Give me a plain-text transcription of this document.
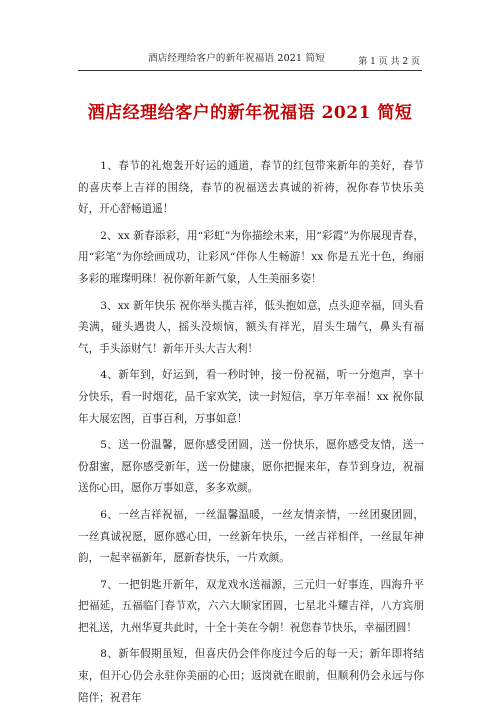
酒店经理给客户的新年祝福语 2021 简短	第 1 页 共 2 页
酒店经理给客户的新年祝福语 2021 简短

1、春节的礼炮轰开好运的通道，春节的红包带来新年的美好，春节的喜庆奉上吉祥的围绕，春节的祝福送去真诚的祈祷，祝你春节快乐美好，开心舒畅逍遥！

2、xx 新春添彩，用“彩虹”为你描绘未来，用“彩霞”为你展现青春，用“彩笔”为你绘画成功，让彩风“伴你人生畅游！xx 你是五光十色，绚丽多彩的璀璨明珠！祝你新年新气象，人生美丽多姿！

3、xx 新年快乐 祝你举头揽吉祥，低头抱如意，点头迎幸福，回头看美满，碰头遇贵人，摇头没烦恼，额头有祥光，眉头生瑞气，鼻头有福气，手头添财气！新年开头大吉大利！

4、新年到，好运到，看一秒时钟，接一份祝福，听一分炮声，享十分快乐，看一时烟花，品千家欢笑，读一封短信，享万年幸福！xx 祝你鼠年大展宏图，百事百利，万事如意！

5、送一份温馨，愿你感受团圆，送一份快乐，愿你感受友情，送一份甜蜜，愿你感受新年，送一份健康，愿你把握来年，春节到身边，祝福送你心田，愿你万事如意，多多欢颜。

6、一丝吉祥祝福，一丝温馨温暖，一丝友情亲情，一丝团聚团圆，一丝真诚祝愿，愿你感心田，一丝新年快乐，一丝吉祥相伴，一丝鼠年神韵，一起幸福新年，愿新春快乐，一片欢颜。

7、一把钥匙开新年，双龙戏水送福源，三元归一好事连，四海升平把福延，五福临门春节欢，六六大顺家团圆，七星北斗耀吉祥，八方宾朋把礼送，九州华夏共此时，十全十美在今朝！祝您春节快乐，幸福团圆！

8、新年假期虽短，但喜庆仍会伴你度过今后的每一天；新年即将结束，但开心仍会永驻你美丽的心田；返岗就在眼前，但顺利仍会永远与你陪伴；祝君年
